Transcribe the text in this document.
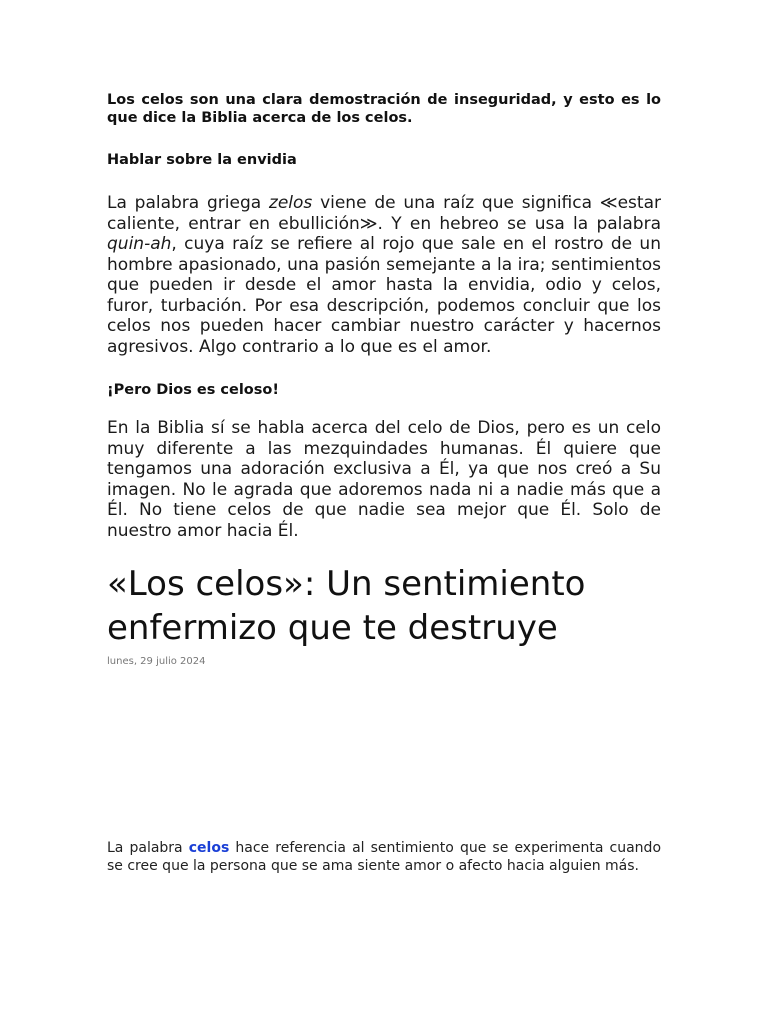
Los celos son una clara demostración de inseguridad, y esto es lo que dice la Biblia acerca de los celos.

Hablar sobre la envidia

La palabra griega zelos viene de una raíz que significa ≪estar caliente, entrar en ebullición≫. Y en hebreo se usa la palabra quin-ah, cuya raíz se refiere al rojo que sale en el rostro de un hombre apasionado, una pasión semejante a la ira; sentimientos que pueden ir desde el amor hasta la envidia, odio y celos, furor, turbación. Por esa descripción, podemos concluir que los celos nos pueden hacer cambiar nuestro carácter y hacernos agresivos. Algo contrario a lo que es el amor.

¡Pero Dios es celoso!

En la Biblia sí se habla acerca del celo de Dios, pero es un celo muy diferente a las mezquindades humanas. Él quiere que tengamos una adoración exclusiva a Él, ya que nos creó a Su imagen. No le agrada que adoremos nada ni a nadie más que a Él. No tiene celos de que nadie sea mejor que Él. Solo de nuestro amor hacia Él.

«Los celos»: Un sentimiento enfermizo que te destruye

lunes, 29 julio 2024

La palabra celos hace referencia al sentimiento que se experimenta cuando se cree que la persona que se ama siente amor o afecto hacia alguien más.
